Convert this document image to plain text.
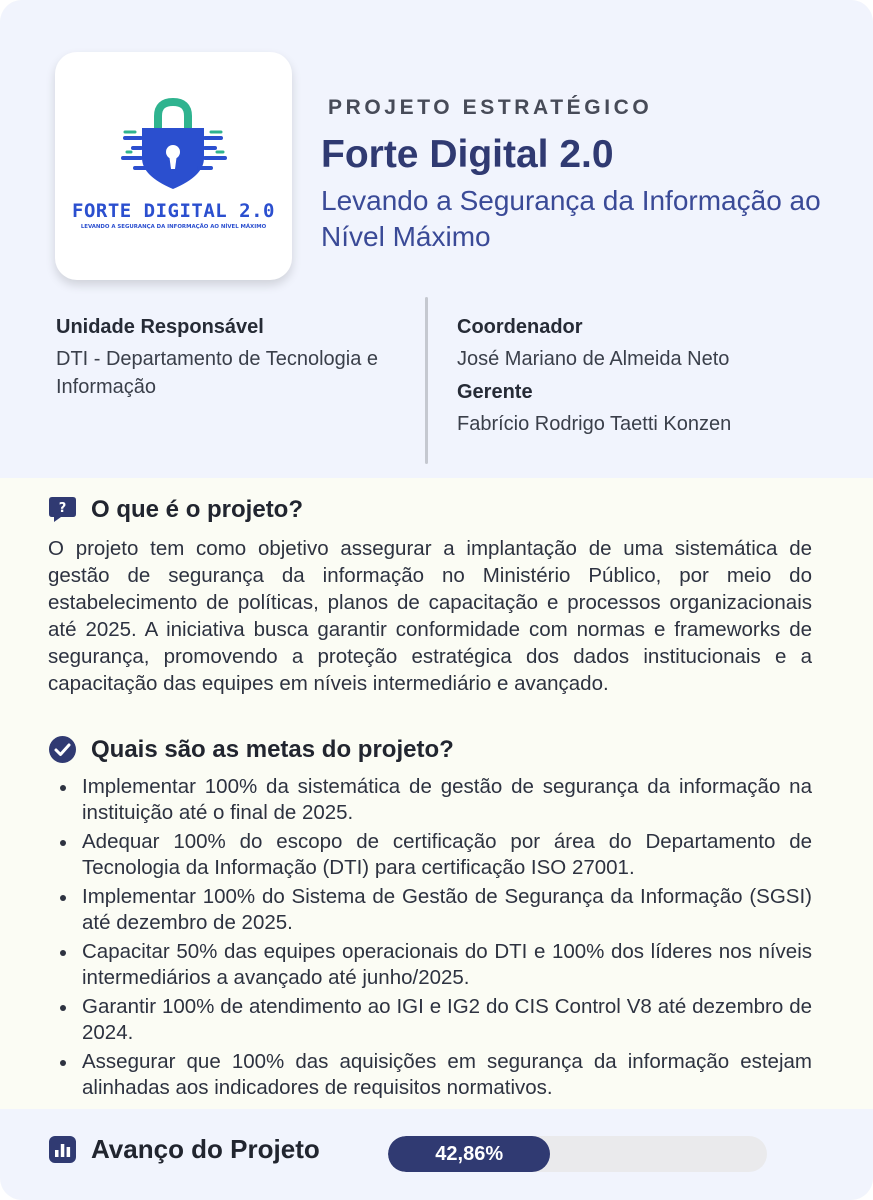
FORTE DIGITAL 2.0
LEVANDO A SEGURANÇA DA INFORMAÇÃO AO NÍVEL MÁXIMO
PROJETO ESTRATÉGICO
Forte Digital 2.0
Levando a Segurança da Informação ao Nível Máximo
Unidade Responsável
DTI - Departamento de Tecnologia e Informação
Coordenador
José Mariano de Almeida Neto
Gerente
Fabrício Rodrigo Taetti Konzen
? O que é o projeto?

O projeto tem como objetivo assegurar a implantação de uma sistemática de gestão de segurança da informação no Ministério Público, por meio do estabelecimento de políticas, planos de capacitação e processos organizacionais até 2025. A iniciativa busca garantir conformidade com normas e frameworks de segurança, promovendo a proteção estratégica dos dados institucionais e a capacitação das equipes em níveis intermediário e avançado.

Quais são as metas do projeto?
Implementar 100% da sistemática de gestão de segurança da informação na instituição até o final de 2025.
Adequar 100% do escopo de certificação por área do Departamento de Tecnologia da Informação (DTI) para certificação ISO 27001.
Implementar 100% do Sistema de Gestão de Segurança da Informação (SGSI) até dezembro de 2025.
Capacitar 50% das equipes operacionais do DTI e 100% dos líderes nos níveis intermediários a avançado até junho/2025.
Garantir 100% de atendimento ao IGI e IG2 do CIS Control V8 até dezembro de 2024.
Assegurar que 100% das aquisições em segurança da informação estejam alinhadas aos indicadores de requisitos normativos.
Avanço do Projeto	42,86%
